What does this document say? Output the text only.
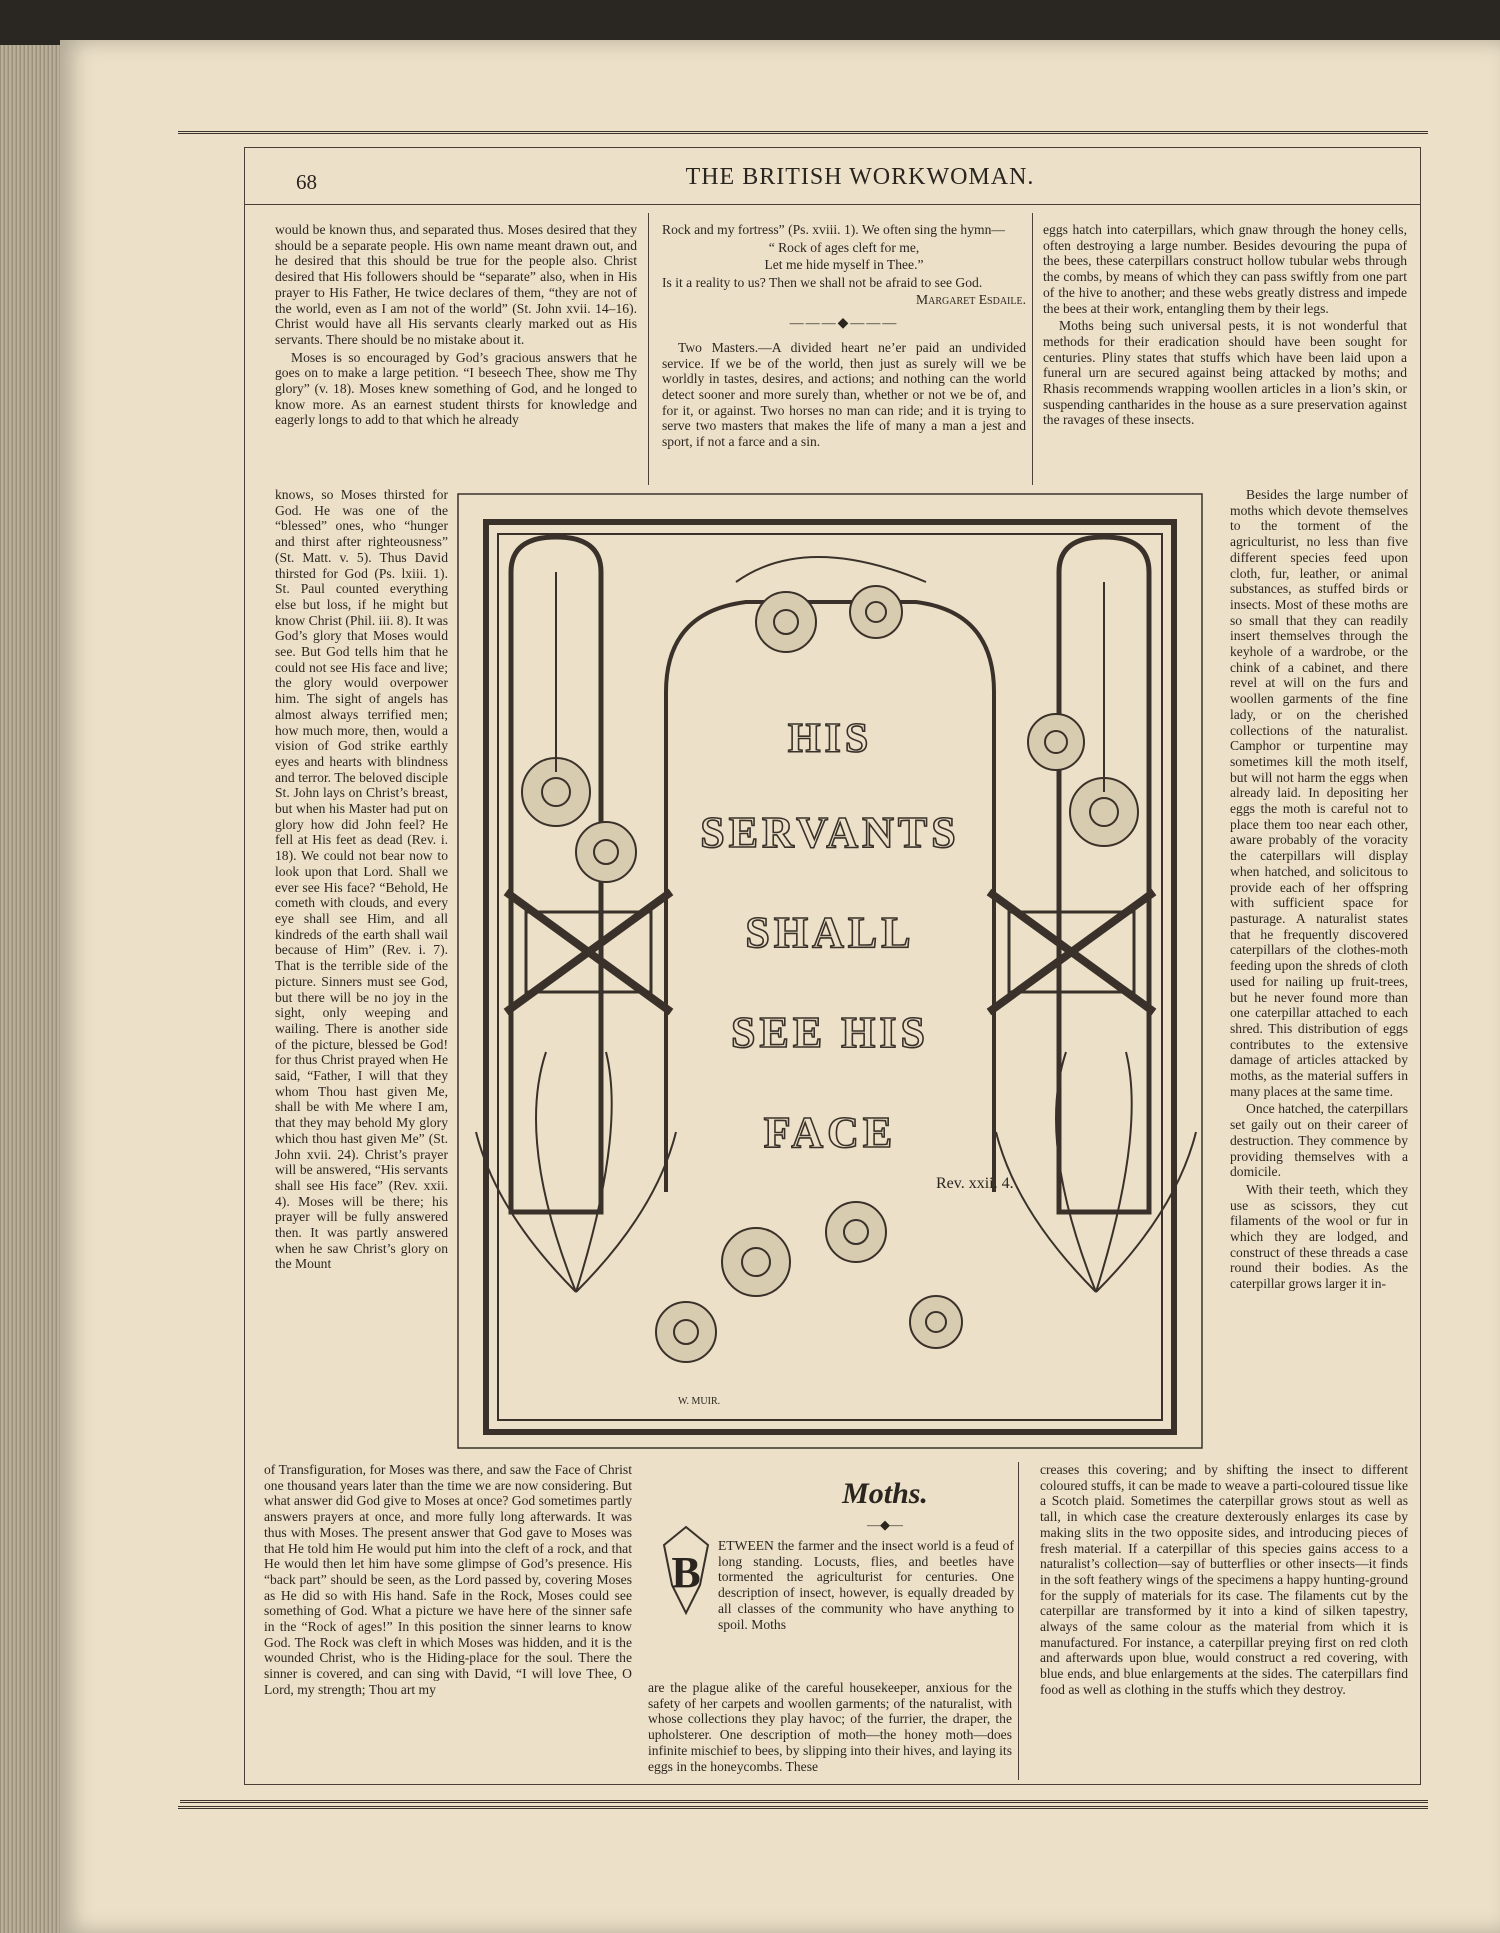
68	THE BRITISH WORKWOMAN.

would be known thus, and separated thus. Moses desired that they should be a separate people. His own name meant drawn out, and he desired that this should be true for the people also. Christ desired that His followers should be “separate” also, when in His prayer to His Father, He twice declares of them, “they are not of the world, even as I am not of the world” (St. John xvii. 14–16). Christ would have all His servants clearly marked out as His servants. There should be no mistake about it.

Moses is so encouraged by God’s gracious answers that he goes on to make a large petition. “I beseech Thee, show me Thy glory” (v. 18). Moses knew something of God, and he longed to know more. As an earnest student thirsts for knowledge and eagerly longs to add to that which he already

knows, so Moses thirsted for God. He was one of the “blessed” ones, who “hunger and thirst after righteousness” (St. Matt. v. 5). Thus David thirsted for God (Ps. lxiii. 1). St. Paul counted everything else but loss, if he might but know Christ (Phil. iii. 8). It was God’s glory that Moses would see. But God tells him that he could not see His face and live; the glory would overpower him. The sight of angels has almost always terrified men; how much more, then, would a vision of God strike earthly eyes and hearts with blindness and terror. The beloved disciple St. John lays on Christ’s breast, but when his Master had put on glory how did John feel? He fell at His feet as dead (Rev. i. 18). We could not bear now to look upon that Lord. Shall we ever see His face? “Behold, He cometh with clouds, and every eye shall see Him, and all kindreds of the earth shall wail because of Him” (Rev. i. 7). That is the terrible side of the picture. Sinners must see God, but there will be no joy in the sight, only weeping and wailing. There is another side of the picture, blessed be God! for thus Christ prayed when He said, “Father, I will that they whom Thou hast given Me, shall be with Me where I am, that they may behold My glory which thou hast given Me” (St. John xvii. 24). Christ’s prayer will be answered, “His servants shall see His face” (Rev. xxii. 4). Moses will be there; his prayer will be fully answered then. It was partly answered when he saw Christ’s glory on the Mount

of Transfiguration, for Moses was there, and saw the Face of Christ one thousand years later than the time we are now considering. But what answer did God give to Moses at once? God sometimes partly answers prayers at once, and more fully long afterwards. It was thus with Moses. The present answer that God gave to Moses was that He told him He would put him into the cleft of a rock, and that He would then let him have some glimpse of God’s presence. His “back part” should be seen, as the Lord passed by, covering Moses as He did so with His hand. Safe in the Rock, Moses could see something of God. What a picture we have here of the sinner safe in the “Rock of ages!” In this position the sinner learns to know God. The Rock was cleft in which Moses was hidden, and it is the wounded Christ, who is the Hiding-place for the soul. There the sinner is covered, and can sing with David, “I will love Thee, O Lord, my strength; Thou art my

Rock and my fortress” (Ps. xviii. 1). We often sing the hymn—

“ Rock of ages cleft for me,
Let me hide myself in Thee.”

Is it a reality to us? Then we shall not be afraid to see God.

Margaret Esdaile.
———◆———

Two Masters.—A divided heart ne’er paid an undivided service. If we be of the world, then just as surely will we be worldly in tastes, desires, and actions; and nothing can the world detect sooner and more surely than, whether or not we be of, and for it, or against. Two horses no man can ride; and it is trying to serve two masters that makes the life of many a man a jest and sport, if not a farce and a sin.

eggs hatch into caterpillars, which gnaw through the honey cells, often destroying a large number. Besides devouring the pupa of the bees, these caterpillars construct hollow tubular webs through the combs, by means of which they can pass swiftly from one part of the hive to another; and these webs greatly distress and impede the bees at their work, entangling them by their legs.

Moths being such universal pests, it is not wonderful that methods for their eradication should have been sought for centuries. Pliny states that stuffs which have been laid upon a funeral urn are secured against being attacked by moths; and Rhasis recommends wrapping woollen articles in a lion’s skin, or suspending cantharides in the house as a sure preservation against the ravages of these insects.

Besides the large number of moths which devote themselves to the torment of the agriculturist, no less than five different species feed upon cloth, fur, leather, or animal substances, as stuffed birds or insects. Most of these moths are so small that they can readily insert themselves through the keyhole of a wardrobe, or the chink of a cabinet, and there revel at will on the furs and woollen garments of the fine lady, or on the cherished collections of the naturalist. Camphor or turpentine may sometimes kill the moth itself, but will not harm the eggs when already laid. In depositing her eggs the moth is careful not to place them too near each other, aware probably of the voracity the caterpillars will display when hatched, and solicitous to provide each of her offspring with sufficient space for pasturage. A naturalist states that he frequently discovered caterpillars of the clothes-moth feeding upon the shreds of cloth used for nailing up fruit-trees, but he never found more than one caterpillar attached to each shred. This distribution of eggs contributes to the extensive damage of articles attacked by moths, as the material suffers in many places at the same time.

Once hatched, the caterpillars set gaily out on their career of destruction. They commence by providing themselves with a domicile.

With their teeth, which they use as scissors, they cut filaments of the wool or fur in which they are lodged, and construct of these threads a case round their bodies. As the caterpillar grows larger it in-

creases this covering; and by shifting the insect to different coloured stuffs, it can be made to weave a parti-coloured tissue like a Scotch plaid. Sometimes the caterpillar grows stout as well as tall, in which case the creature dexterously enlarges its case by making slits in the two opposite sides, and introducing pieces of fresh material. If a caterpillar of this species gains access to a naturalist’s collection—say of butterflies or other insects—it finds in the soft feathery wings of the specimens a happy hunting-ground for the supply of materials for its case. The filaments cut by the caterpillar are transformed by it into a kind of silken tapestry, always of the same colour as the material from which it is manufactured. For instance, a caterpillar preying first on red cloth and afterwards upon blue, would construct a red covering, with blue ends, and blue enlargements at the sides. The caterpillars find food as well as clothing in the stuffs which they destroy.

HIS
SERVANTS
SHALL
SEE HIS
FACE
Rev. xxii. 4.
W. MUIR.
Moths.
—◆—
B

ETWEEN the farmer and the insect world is a feud of long standing. Locusts, flies, and beetles have tormented the agriculturist for centuries. One description of insect, however, is equally dreaded by all classes of the community who have anything to spoil. Moths

are the plague alike of the careful housekeeper, anxious for the safety of her carpets and woollen garments; of the naturalist, with whose collections they play havoc; of the furrier, the draper, the upholsterer. One description of moth—the honey moth—does infinite mischief to bees, by slipping into their hives, and laying its eggs in the honeycombs. These
